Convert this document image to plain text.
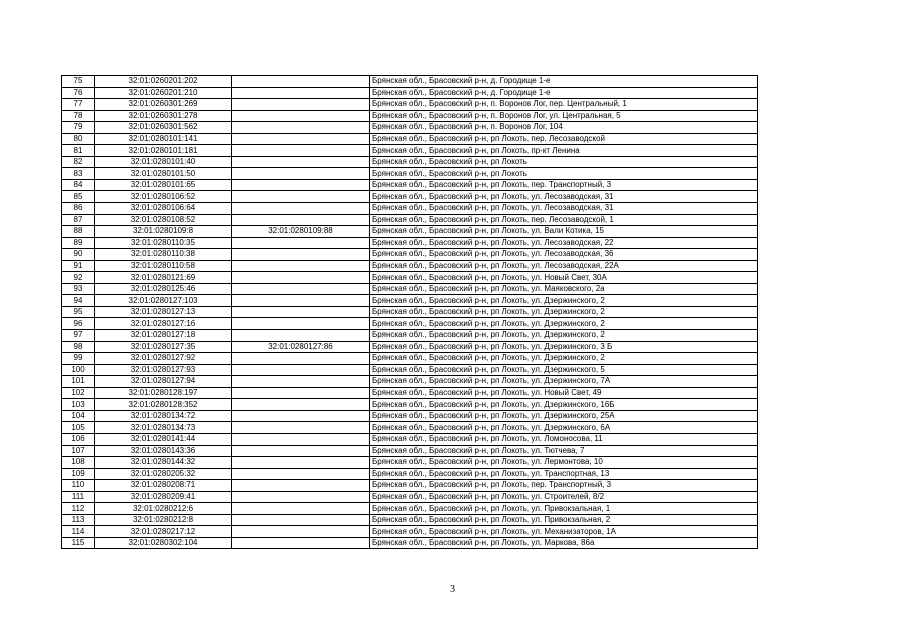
75	32:01:0260201:202		Брянская обл., Брасовский р-н, д. Городище 1-е
76	32:01:0260201:210		Брянская обл., Брасовский р-н, д. Городище 1-е
77	32:01:0260301:269		Брянская обл., Брасовский р-н, п. Воронов Лог, пер. Центральный, 1
78	32:01:0260301:278		Брянская обл., Брасовский р-н, п. Воронов Лог, ул. Центральная, 5
79	32:01:0260301:562		Брянская обл., Брасовский р-н, п. Воронов Лог, 104
80	32:01:0280101:141		Брянская обл., Брасовский р-н, рп Локоть, пер. Лесозаводской
81	32:01:0280101:181		Брянская обл., Брасовский р-н, рп Локоть, пр-кт Ленина
82	32:01:0280101:40		Брянская обл., Брасовский р-н, рп Локоть
83	32:01:0280101:50		Брянская обл., Брасовский р-н, рп Локоть
84	32:01:0280101:65		Брянская обл., Брасовский р-н, рп Локоть, пер. Транспортный, 3
85	32:01:0280106:52		Брянская обл., Брасовский р-н, рп Локоть, ул. Лесозаводская, 31
86	32:01:0280106:64		Брянская обл., Брасовский р-н, рп Локоть, ул. Лесозаводская, 31
87	32:01:0280108:52		Брянская обл., Брасовский р-н, рп Локоть, пер. Лесозаводской, 1
88	32:01:0280109:8	32:01:0280109:88	Брянская обл., Брасовский р-н, рп Локоть, ул. Вали Котика, 15
89	32:01:0280110:35		Брянская обл., Брасовский р-н, рп Локоть, ул. Лесозаводская, 22
90	32:01:0280110:38		Брянская обл., Брасовский р-н, рп Локоть, ул. Лесозаводская, 36
91	32:01:0280110:58		Брянская обл., Брасовский р-н, рп Локоть, ул. Лесозаводская, 22А
92	32:01:0280121:69		Брянская обл., Брасовский р-н, рп Локоть, ул. Новый Свет, 30А
93	32:01:0280125:46		Брянская обл., Брасовский р-н, рп Локоть, ул. Маяковского, 2а
94	32:01:0280127:103		Брянская обл., Брасовский р-н, рп Локоть, ул. Дзержинского, 2
95	32:01:0280127:13		Брянская обл., Брасовский р-н, рп Локоть, ул. Дзержинского, 2
96	32:01:0280127:16		Брянская обл., Брасовский р-н, рп Локоть, ул. Дзержинского, 2
97	32:01:0280127:18		Брянская обл., Брасовский р-н, рп Локоть, ул. Дзержинского, 2
98	32:01:0280127:35	32:01:0280127:86	Брянская обл., Брасовский р-н, рп Локоть, ул. Дзержинского, 3 Б
99	32:01:0280127:92		Брянская обл., Брасовский р-н, рп Локоть, ул. Дзержинского, 2
100	32:01:0280127:93		Брянская обл., Брасовский р-н, рп Локоть, ул. Дзержинского, 5
101	32:01:0280127:94		Брянская обл., Брасовский р-н, рп Локоть, ул. Дзержинского, 7А
102	32:01:0280128:197		Брянская обл., Брасовский р-н, рп Локоть, ул. Новый Свет, 49
103	32:01:0280128:352		Брянская обл., Брасовский р-н, рп Локоть, ул. Дзержинского, 16Б
104	32:01:0280134:72		Брянская обл., Брасовский р-н, рп Локоть, ул. Дзержинского, 25А
105	32:01:0280134:73		Брянская обл., Брасовский р-н, рп Локоть, ул. Дзержинского, 6А
106	32:01:0280141:44		Брянская обл., Брасовский р-н, рп Локоть, ул. Ломоносова, 11
107	32:01:0280143:36		Брянская обл., Брасовский р-н, рп Локоть, ул. Тютчева, 7
108	32:01:0280144:32		Брянская обл., Брасовский р-н, рп Локоть, ул. Лермонтова, 10
109	32:01:0280205:32		Брянская обл., Брасовский р-н, рп Локоть, ул. Транспортная, 13
110	32:01:0280208:71		Брянская обл., Брасовский р-н, рп Локоть, пер. Транспортный, 3
111	32:01:0280209:41		Брянская обл., Брасовский р-н, рп Локоть, ул. Строителей, 8/2
112	32:01:0280212:6		Брянская обл., Брасовский р-н, рп Локоть, ул. Привокзальная, 1
113	32:01:0280212:8		Брянская обл., Брасовский р-н, рп Локоть, ул. Привокзальная, 2
114	32:01:0280217:12		Брянская обл., Брасовский р-н, рп Локоть, ул. Механизаторов, 1А
115	32:01:0280302:104		Брянская обл., Брасовский р-н, рп Локоть, ул. Маркова, 86а
3
